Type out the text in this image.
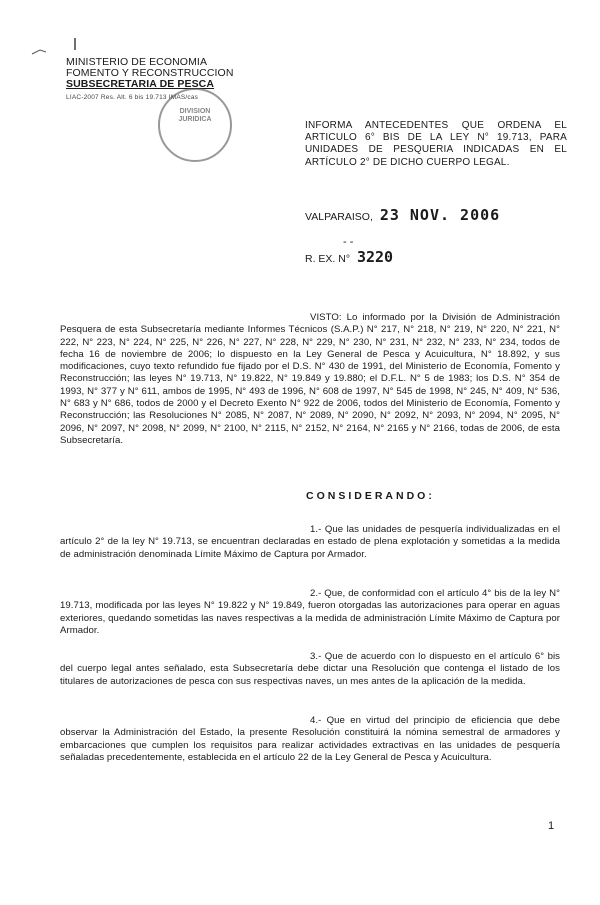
MINISTERIO DE ECONOMIA
FOMENTO Y RECONSTRUCCION
SUBSECRETARIA DE PESCA
LIAC-2007 Res. Alt. 6 bis 19.713 IMAS/cas
DIVISION JURIDICA
INFORMA ANTECEDENTES QUE ORDENA EL ARTICULO 6° BIS DE LA LEY N° 19.713, PARA UNIDADES DE PESQUERIA INDICADAS EN EL ARTÍCULO 2° DE DICHO CUERPO LEGAL.
VALPARAISO, 23 NOV. 2006
- -
R. EX. N° 3220
VISTO: Lo informado por la División de Administración Pesquera de esta Subsecretaría mediante Informes Técnicos (S.A.P.) N° 217, N° 218, N° 219, N° 220, N° 221, N° 222, N° 223, N° 224, N° 225, N° 226, N° 227, N° 228, N° 229, N° 230, N° 231, N° 232, N° 233, N° 234, todos de fecha 16 de noviembre de 2006; lo dispuesto en la Ley General de Pesca y Acuicultura, N° 18.892, y sus modificaciones, cuyo texto refundido fue fijado por el D.S. N° 430 de 1991, del Ministerio de Economía, Fomento y Reconstrucción; las leyes N° 19.713, N° 19.822, N° 19.849 y 19.880; el D.F.L. N° 5 de 1983; los D.S. N° 354 de 1993, N° 377 y N° 611, ambos de 1995, N° 493 de 1996, N° 608 de 1997, N° 545 de 1998, N° 245, N° 409, N° 536, N° 683 y N° 686, todos de 2000 y el Decreto Exento N° 922 de 2006, todos del Ministerio de Economía, Fomento y Reconstrucción; las Resoluciones N° 2085, N° 2087, N° 2089, N° 2090, N° 2092, N° 2093, N° 2094, N° 2095, N° 2096, N° 2097, N° 2098, N° 2099, N° 2100, N° 2115, N° 2152, N° 2164, N° 2165 y N° 2166, todas de 2006, de esta Subsecretaría.
CONSIDERANDO:
1.- Que las unidades de pesquería individualizadas en el artículo 2° de la ley N° 19.713, se encuentran declaradas en estado de plena explotación y sometidas a la medida de administración denominada Límite Máximo de Captura por Armador.
2.- Que, de conformidad con el artículo 4° bis de la ley N° 19.713, modificada por las leyes N° 19.822 y N° 19.849, fueron otorgadas las autorizaciones para operar en aguas exteriores, quedando sometidas las naves respectivas a la medida de administración Límite Máximo de Captura por Armador.
3.- Que de acuerdo con lo dispuesto en el artículo 6° bis del cuerpo legal antes señalado, esta Subsecretaría debe dictar una Resolución que contenga el listado de los titulares de autorizaciones de pesca con sus respectivas naves, un mes antes de la aplicación de la medida.
4.- Que en virtud del principio de eficiencia que debe observar la Administración del Estado, la presente Resolución constituirá la nómina semestral de armadores y embarcaciones que cumplen los requisitos para realizar actividades extractivas en las unidades de pesquería señaladas precedentemente, establecida en el artículo 22 de la Ley General de Pesca y Acuicultura.
1
